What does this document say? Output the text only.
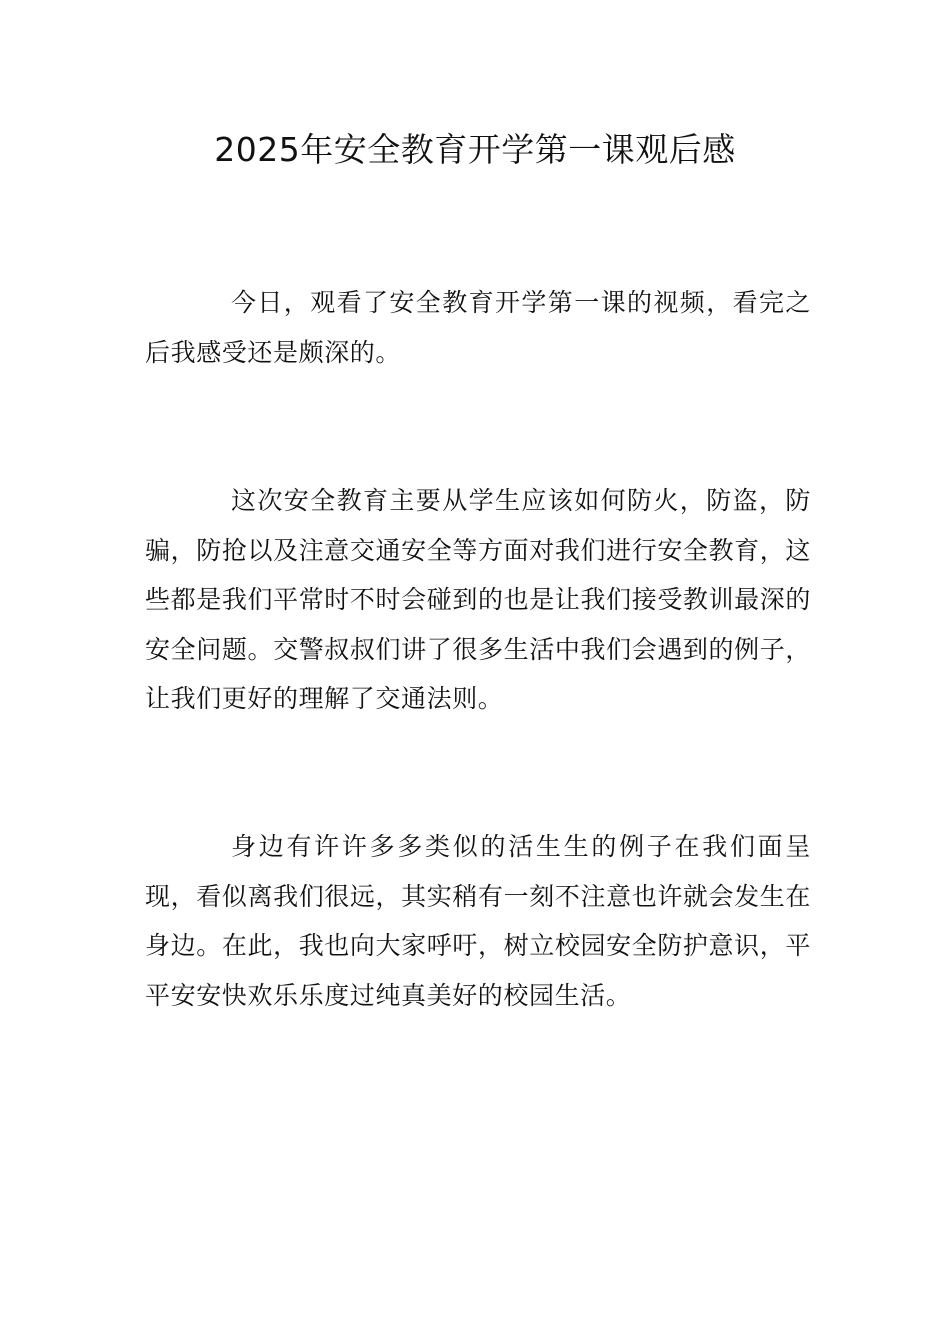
2025年安全教育开学第一课观后感

今日，观看了安全教育开学第一课的视频，看完之后我感受还是颇深的。

这次安全教育主要从学生应该如何防火，防盗，防骗，防抢以及注意交通安全等方面对我们进行安全教育，这些都是我们平常时不时会碰到的也是让我们接受教训最深的安全问题。交警叔叔们讲了很多生活中我们会遇到的例子，让我们更好的理解了交通法则。

身边有许许多多类似的活生生的例子在我们面呈现，看似离我们很远，其实稍有一刻不注意也许就会发生在身边。在此，我也向大家呼吁，树立校园安全防护意识，平平安安快欢乐乐度过纯真美好的校园生活。
